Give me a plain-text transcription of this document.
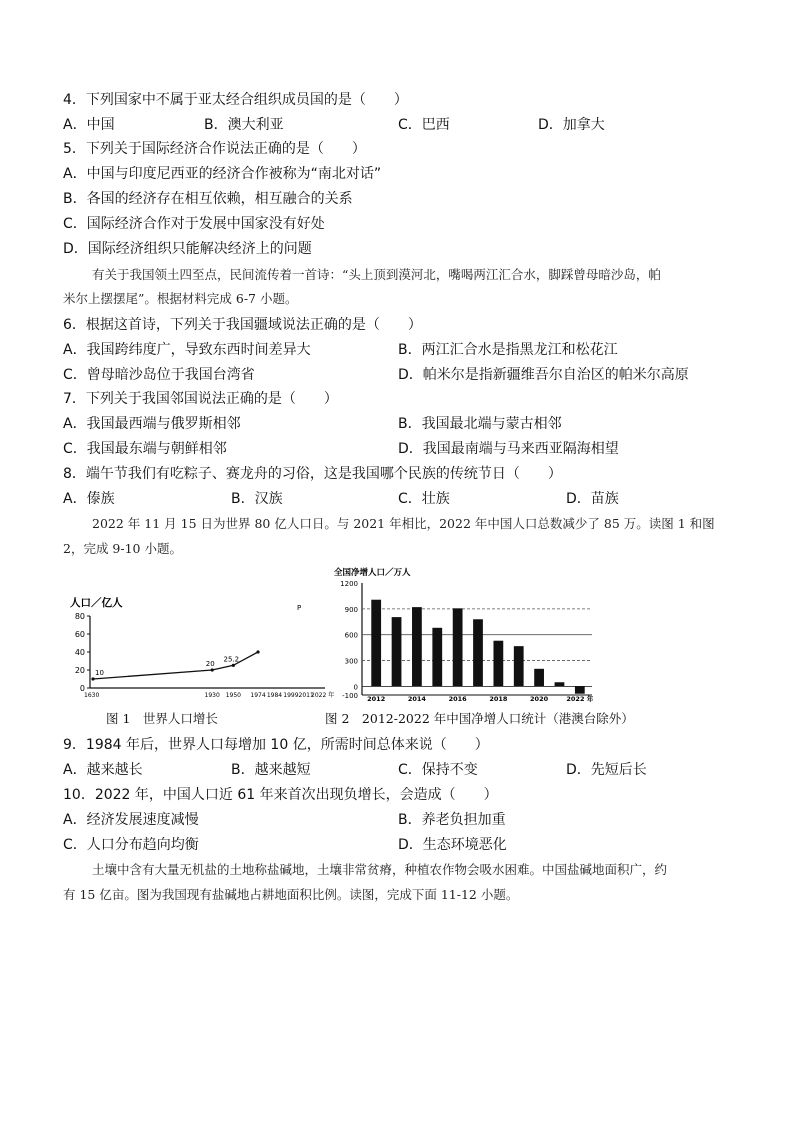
4．下列国家中不属于亚太经合组织成员国的是（　　）
A．中国	B．澳大利亚	C．巴西	D．加拿大
5．下列关于国际经济合作说法正确的是（　　）
A．中国与印度尼西亚的经济合作被称为“南北对话”
B．各国的经济存在相互依赖，相互融合的关系
C．国际经济合作对于发展中国家没有好处
D．国际经济组织只能解决经济上的问题
有关于我国领土四至点，民间流传着一首诗：“头上顶到漠河北，嘴喝两江汇合水，脚踩曾母暗沙岛，帕
米尔上摆摆尾”。根据材料完成 6-7 小题。
6．根据这首诗，下列关于我国疆域说法正确的是（　　）
A．我国跨纬度广，导致东西时间差异大	B．两江汇合水是指黑龙江和松花江
C．曾母暗沙岛位于我国台湾省	D．帕米尔是指新疆维吾尔自治区的帕米尔高原
7．下列关于我国邻国说法正确的是（　　）
A．我国最西端与俄罗斯相邻	B．我国最北端与蒙古相邻
C．我国最东端与朝鲜相邻	D．我国最南端与马来西亚隔海相望
8．端午节我们有吃粽子、赛龙舟的习俗，这是我国哪个民族的传统节日（　　）
A．傣族	B．汉族	C．壮族	D．苗族
2022 年 11 月 15 日为世界 80 亿人口日。与 2021 年相比，2022 年中国人口总数减少了 85 万。读图 1 和图
2，完成 9-10 小题。
人口／亿人	P
80
60
40
20
0
1630	1930 1950 1974 1984 1999 2011
2022 年
10
20
25.2
全国净增人口／万人
1200
900
600
300
0
-100 2012	2014	2016	2018	2020	2022 年
图 1　世界人口增长	图 2　2012-2022 年中国净增人口统计（港澳台除外）
9．1984 年后，世界人口每增加 10 亿，所需时间总体来说（　　）
A．越来越长	B．越来越短	C．保持不变	D．先短后长
10．2022 年，中国人口近 61 年来首次出现负增长，会造成（　　）
A．经济发展速度减慢	B．养老负担加重
C．人口分布趋向均衡	D．生态环境恶化
土壤中含有大量无机盐的土地称盐碱地，土壤非常贫瘠，种植农作物会吸水困难。中国盐碱地面积广，约
有 15 亿亩。图为我国现有盐碱地占耕地面积比例。读图，完成下面 11-12 小题。
